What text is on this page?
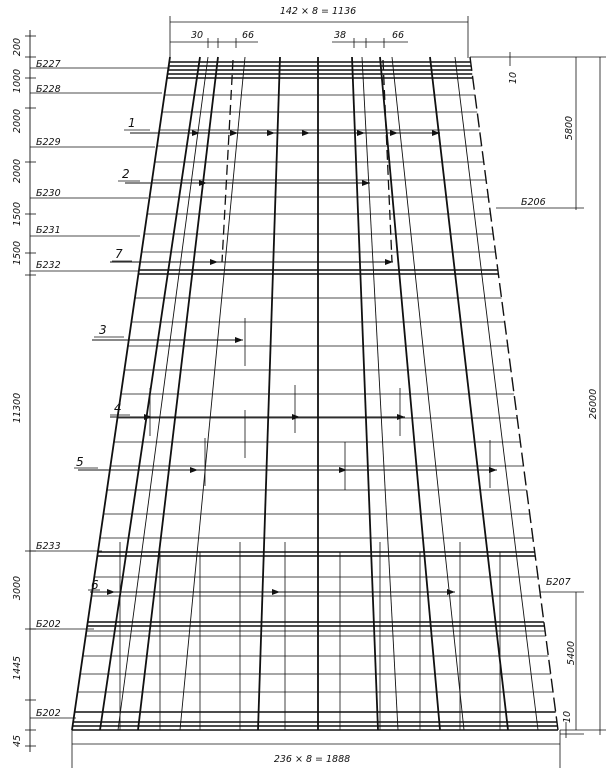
142 × 8 = 1136
30	66	38	66
236 × 8 = 1888
200
1000
2000
2000
1500
1500
11300
3000
1445
45
Б227
Б228
Б229
Б230
Б231
Б232
Б233
Б202
Б202
Б206
Б207
10
5800
26000
5400
10
1
2
7
3
4
5
6
